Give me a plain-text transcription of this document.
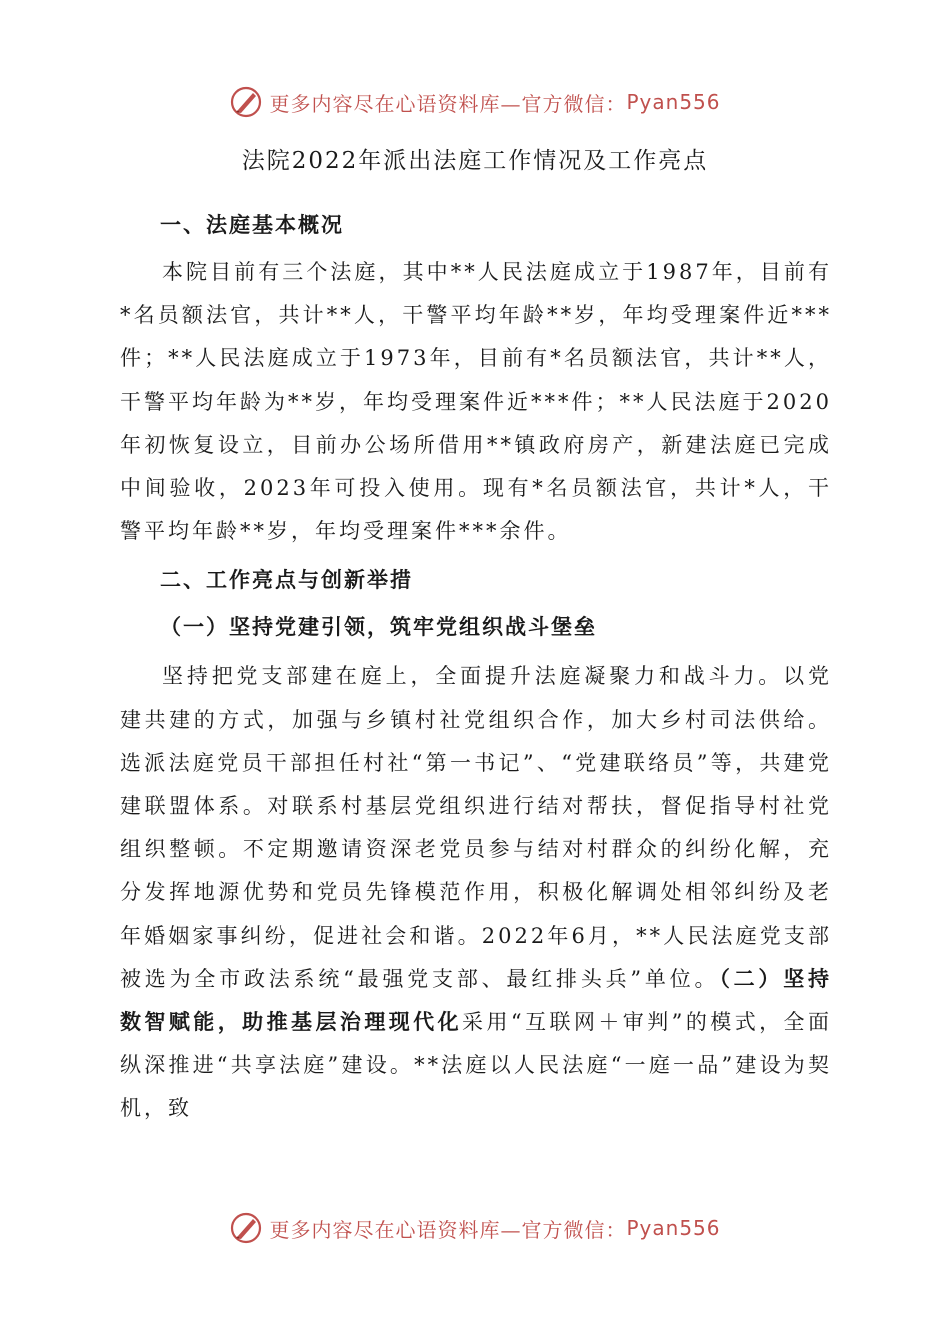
更多内容尽在心语资料库—官方微信： Pyan556
法院2022年派出法庭工作情况及工作亮点
一、法庭基本概况

本院目前有三个法庭，其中**人民法庭成立于1987年，目前有*名员额法官，共计**人，干警平均年龄**岁，年均受理案件近***件；**人民法庭成立于1973年，目前有*名员额法官，共计**人，干警平均年龄为**岁，年均受理案件近***件；**人民法庭于2020年初恢复设立，目前办公场所借用**镇政府房产，新建法庭已完成中间验收，2023年可投入使用。现有*名员额法官，共计*人，干警平均年龄**岁，年均受理案件***余件。

二、工作亮点与创新举措
（一）坚持党建引领，筑牢党组织战斗堡垒

坚持把党支部建在庭上，全面提升法庭凝聚力和战斗力。以党建共建的方式，加强与乡镇村社党组织合作，加大乡村司法供给。选派法庭党员干部担任村社“第一书记”、“党建联络员”等，共建党建联盟体系。对联系村基层党组织进行结对帮扶，督促指导村社党组织整顿。不定期邀请资深老党员参与结对村群众的纠纷化解，充分发挥地源优势和党员先锋模范作用，积极化解调处相邻纠纷及老年婚姻家事纠纷，促进社会和谐。2022年6月，**人民法庭党支部被选为全市政法系统“最强党支部、最红排头兵”单位。（二）坚持数智赋能，助推基层治理现代化采用“互联网＋审判”的模式，全面纵深推进“共享法庭”建设。**法庭以人民法庭“一庭一品”建设为契机，致

更多内容尽在心语资料库—官方微信： Pyan556
